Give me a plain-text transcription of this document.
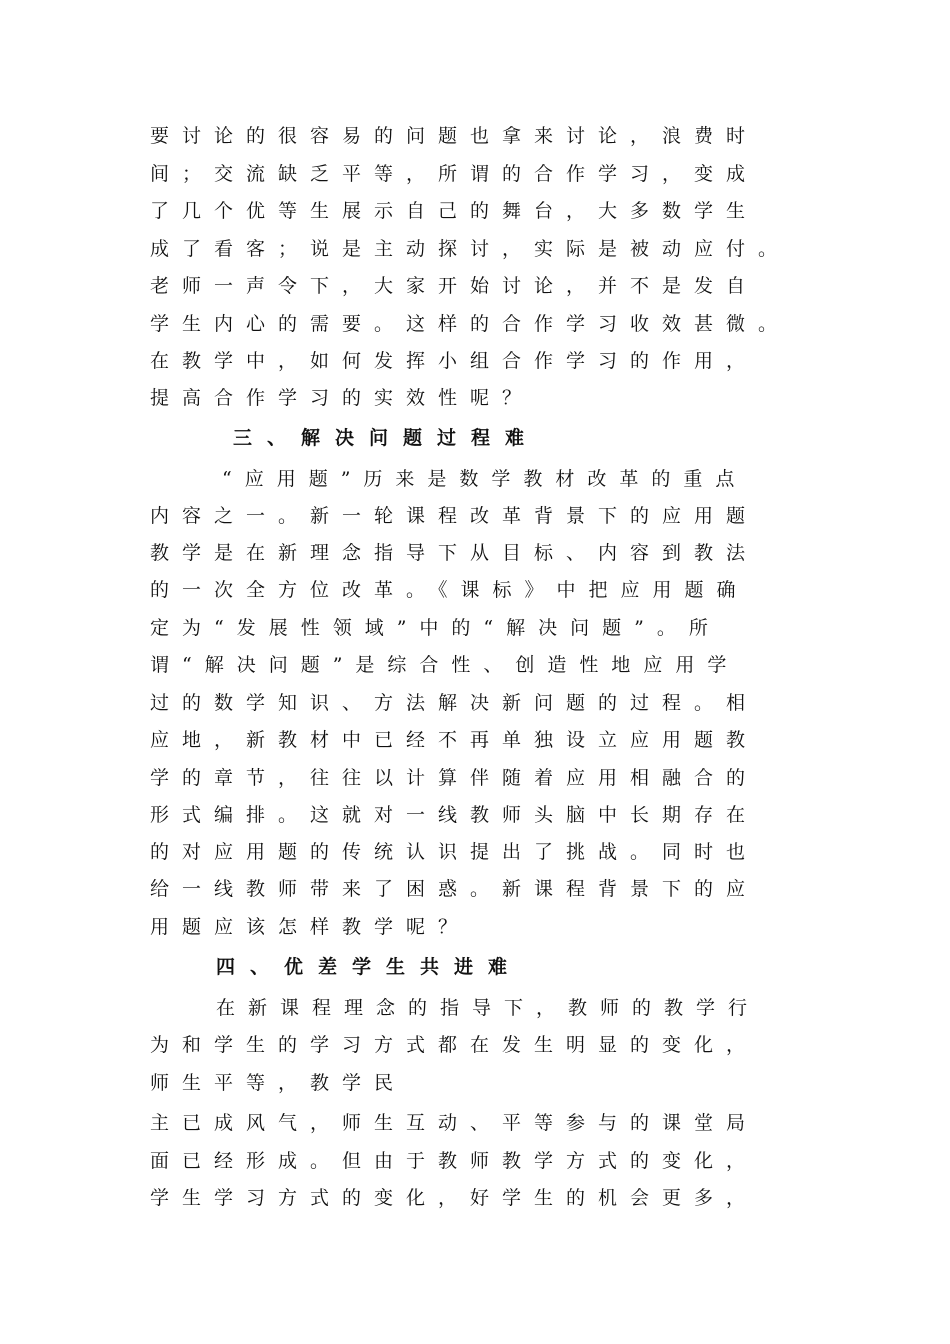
要讨论的很容易的问题也拿来讨论，浪费时
间；交流缺乏平等，所谓的合作学习，变成
了几个优等生展示自己的舞台，大多数学生
成了看客；说是主动探讨，实际是被动应付。
老师一声令下，大家开始讨论，并不是发自
学生内心的需要。这样的合作学习收效甚微。
在教学中，如何发挥小组合作学习的作用，
提高合作学习的实效性呢？
三、解决问题过程难
“应用题”历来是数学教材改革的重点
内容之一。新一轮课程改革背景下的应用题
教学是在新理念指导下从目标、内容到教法
的一次全方位改革。《课标》中把应用题确
定为“发展性领域”中的“解决问题”。所
谓“解决问题”是综合性、创造性地应用学
过的数学知识、方法解决新问题的过程。相
应地，新教材中已经不再单独设立应用题教
学的章节，往往以计算伴随着应用相融合的
形式编排。这就对一线教师头脑中长期存在
的对应用题的传统认识提出了挑战。同时也
给一线教师带来了困惑。新课程背景下的应
用题应该怎样教学呢？
四、优差学生共进难
在新课程理念的指导下，教师的教学行
为和学生的学习方式都在发生明显的变化，
师生平等，教学民
主已成风气，师生互动、平等参与的课堂局
面已经形成。但由于教师教学方式的变化，
学生学习方式的变化，好学生的机会更多，
